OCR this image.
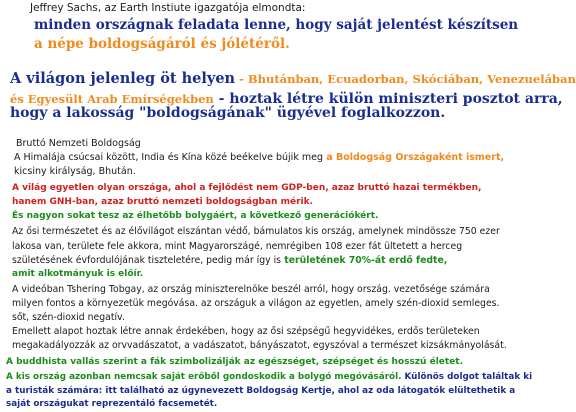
Jeffrey Sachs, az Earth Instiute igazgatója elmondta:
minden országnak feladata lenne, hogy saját jelentést készítsen
a népe boldogságáról és jólétéről.
A világon jelenleg öt helyen - Bhutánban, Ecuadorban, Skóciában, Venezuelában
és Egyesült Arab Emírségekben - hoztak létre külön miniszteri posztot arra,
hogy a lakosság "boldogságának" ügyével foglalkozzon.
Bruttó Nemzeti Boldogság
A Himalája csúcsai között, India és Kína közé beékelve bújik meg a Boldogság Országaként ismert,
kicsiny királyság, Bhután.
A világ egyetlen olyan országa, ahol a fejlődést nem GDP-ben, azaz bruttó hazai termékben,
hanem GNH-ban, azaz bruttó nemzeti boldogságban mérik.
És nagyon sokat tesz az élhetőbb bolygáért, a következő generációkért.
Az ősi természetet és az élővilágot elszántan védő, bámulatos kis ország, amelynek mindössze 750 ezer
lakosa van, területe fele akkora, mint Magyarországé, nemrégiben 108 ezer fát ültetett a herceg
születésének évfordulójának tiszteletére, pedig már így is területének 70%-át erdő fedte,
amit alkotmányuk is előír.
A videóban Tshering Tobgay, az ország miniszterelnöke beszél arról, hogy ország. vezetősége számára
milyen fontos a környezetük megóvása. az országuk a világon az egyetlen, amely szén-dioxid semleges.
sőt, szén-dioxid negatív.
Emellett alapot hoztak létre annak érdekében, hogy az ősi szépségű hegyvidékes, erdős területeken
megakadályozzák az orvvadászatot, a vadászatot, bányászatot, egyszóval a természet kizsákmányolását.
A buddhista vallás szerint a fák szimbolizálják az egészséget, szépséget és hosszú életet.
A kis ország azonban nemcsak saját erőből gondoskodik a bolygó megóvásáról. Különös dolgot találtak ki
a turisták számára: itt található az úgynevezett Boldogság Kertje, ahol az oda látogatók elültethetik a
saját országukat reprezentáló facsemetét.
